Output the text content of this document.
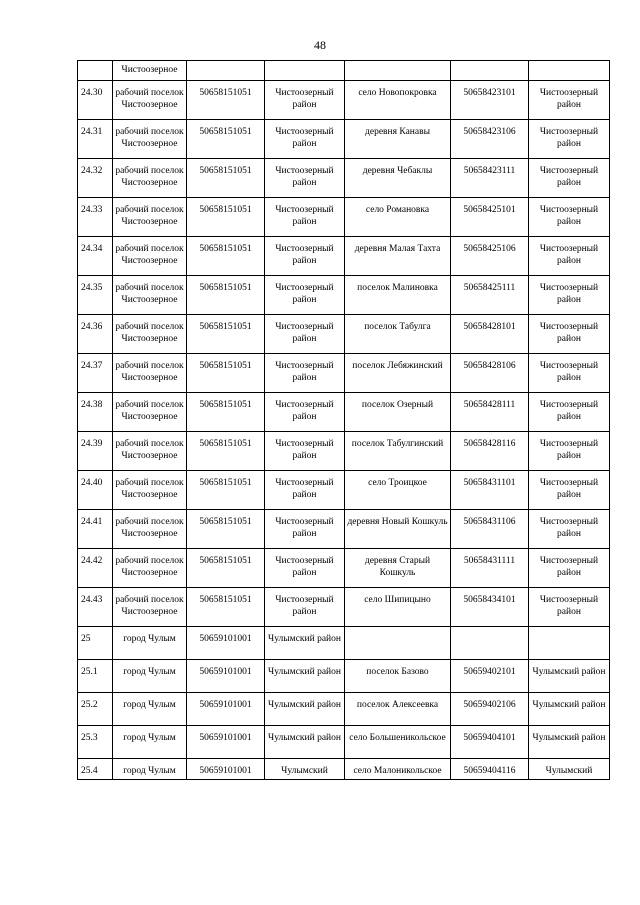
48
	Чистоозерное					
24.30	рабочий поселок Чистоозерное	50658151051	Чистоозерный район	село Новопокровка	50658423101	Чистоозерный район
24.31	рабочий поселок Чистоозерное	50658151051	Чистоозерный район	деревня Канавы	50658423106	Чистоозерный район
24.32	рабочий поселок Чистоозерное	50658151051	Чистоозерный район	деревня Чебаклы	50658423111	Чистоозерный район
24.33	рабочий поселок Чистоозерное	50658151051	Чистоозерный район	село Романовка	50658425101	Чистоозерный район
24.34	рабочий поселок Чистоозерное	50658151051	Чистоозерный район	деревня Малая Тахта	50658425106	Чистоозерный район
24.35	рабочий поселок Чистоозерное	50658151051	Чистоозерный район	поселок Малиновка	50658425111	Чистоозерный район
24.36	рабочий поселок Чистоозерное	50658151051	Чистоозерный район	поселок Табулга	50658428101	Чистоозерный район
24.37	рабочий поселок Чистоозерное	50658151051	Чистоозерный район	поселок Лебяжинский	50658428106	Чистоозерный район
24.38	рабочий поселок Чистоозерное	50658151051	Чистоозерный район	поселок Озерный	50658428111	Чистоозерный район
24.39	рабочий поселок Чистоозерное	50658151051	Чистоозерный район	поселок Табулгинский	50658428116	Чистоозерный район
24.40	рабочий поселок Чистоозерное	50658151051	Чистоозерный район	село Троицкое	50658431101	Чистоозерный район
24.41	рабочий поселок Чистоозерное	50658151051	Чистоозерный район	деревня Новый Кошкуль	50658431106	Чистоозерный район
24.42	рабочий поселок Чистоозерное	50658151051	Чистоозерный район	деревня Старый Кошкуль	50658431111	Чистоозерный район
24.43	рабочий поселок Чистоозерное	50658151051	Чистоозерный район	село Шипицыно	50658434101	Чистоозерный район
25	город Чулым	50659101001	Чулымский район			
25.1	город Чулым	50659101001	Чулымский район	поселок Базово	50659402101	Чулымский район
25.2	город Чулым	50659101001	Чулымский район	поселок Алексеевка	50659402106	Чулымский район
25.3	город Чулым	50659101001	Чулымский район	село Большеникольское	50659404101	Чулымский район
25.4	город Чулым	50659101001	Чулымский	село Малоникольское	50659404116	Чулымский
